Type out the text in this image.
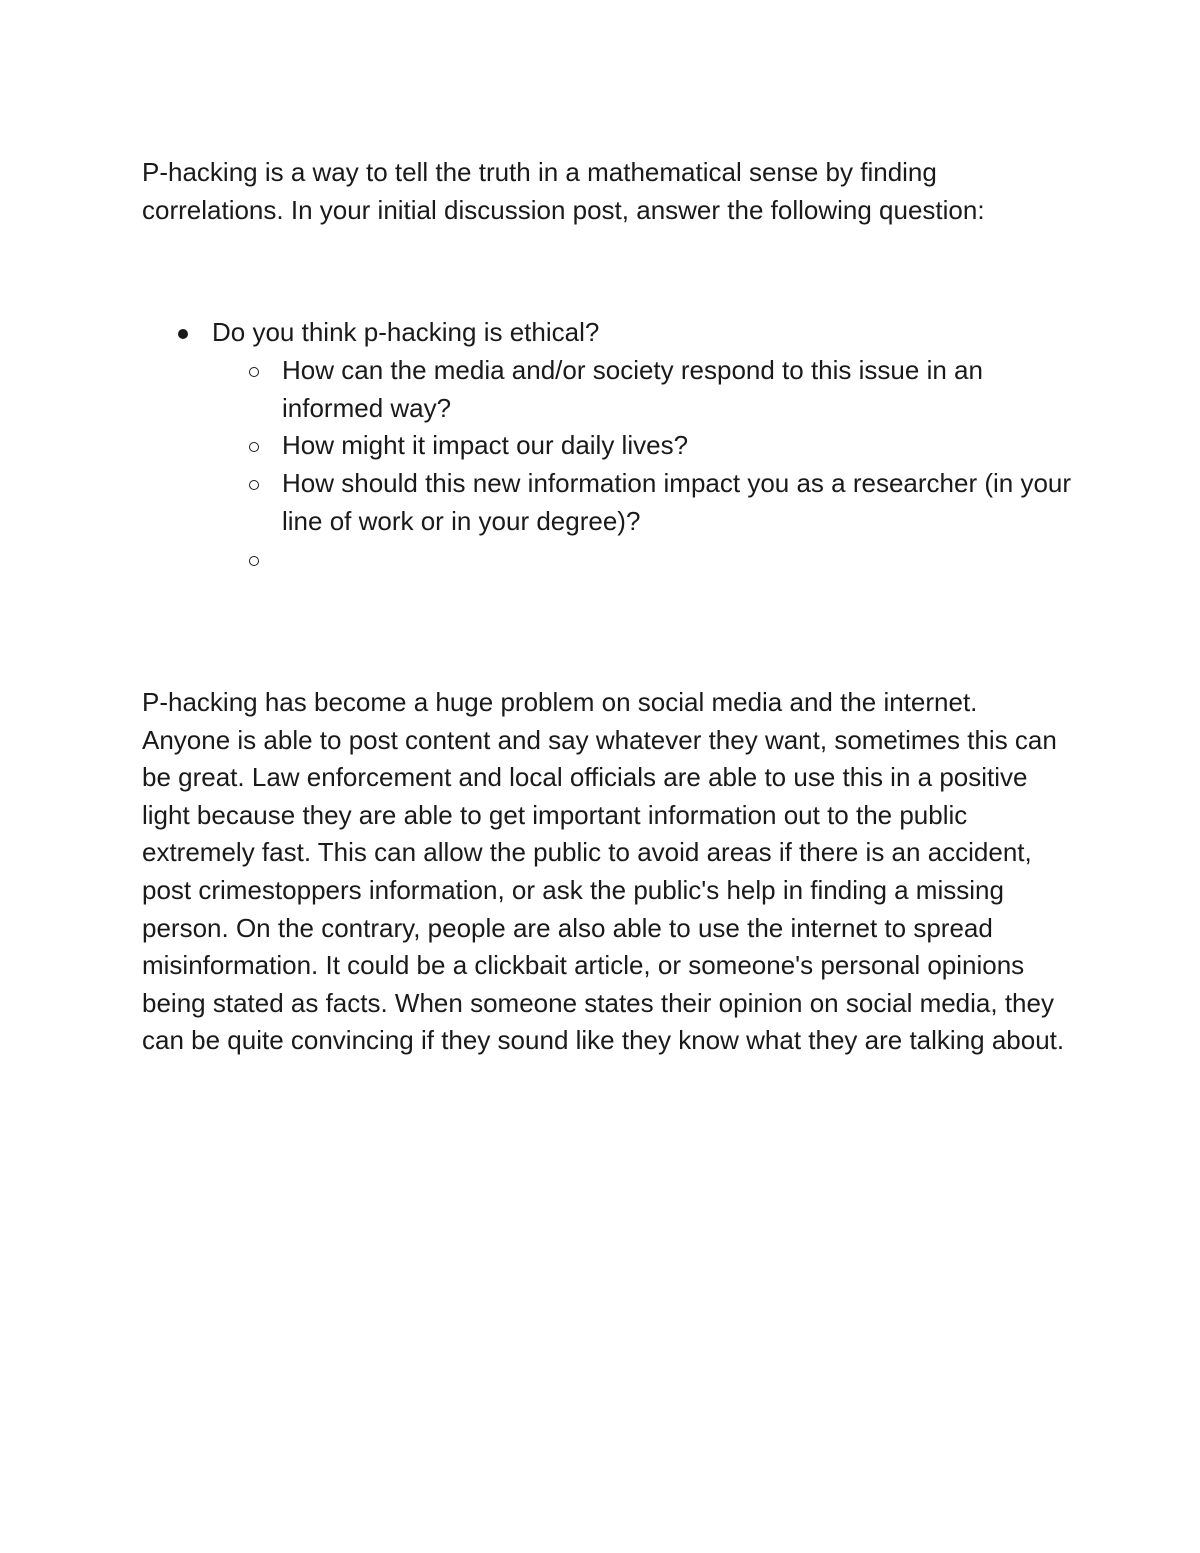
P-hacking is a way to tell the truth in a mathematical sense by finding correlations. In your initial discussion post, answer the following question:

Do you think p-hacking is ethical?
How can the media and/or society respond to this issue in an informed way?
How might it impact our daily lives?
How should this new information impact you as a researcher (in your line of work or in your degree)?

P-hacking has become a huge problem on social media and the internet. Anyone is able to post content and say whatever they want, sometimes this can be great. Law enforcement and local officials are able to use this in a positive light because they are able to get important information out to the public extremely fast. This can allow the public to avoid areas if there is an accident, post crimestoppers information, or ask the public's help in finding a missing person. On the contrary, people are also able to use the internet to spread misinformation. It could be a clickbait article, or someone's personal opinions being stated as facts. When someone states their opinion on social media, they can be quite convincing if they sound like they know what they are talking about.
